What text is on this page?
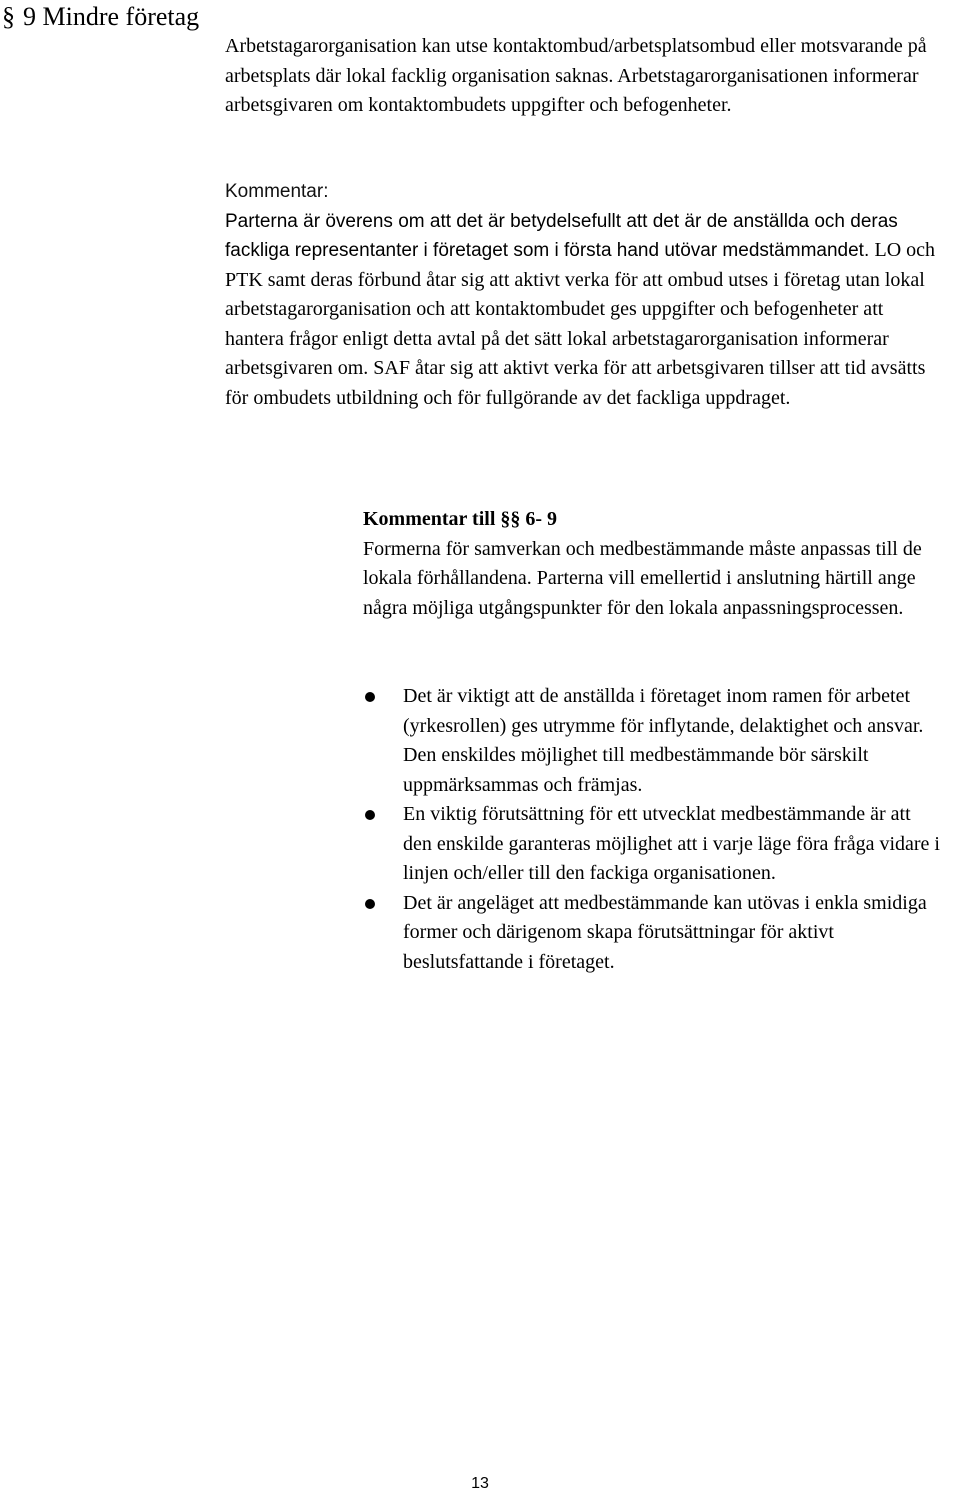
§ 9 Mindre företag

Arbetstagarorganisation kan utse kontaktombud/arbetsplatsombud eller motsvarande på arbetsplats där lokal facklig organisation saknas. Arbetstagarorganisationen informerar arbetsgivaren om kontaktombudets uppgifter och befogenheter.

Kommentar:

Parterna är överens om att det är betydelsefullt att det är de anställda och deras fackliga representanter i företaget som i första hand utövar medstämmandet. LO och PTK samt deras förbund åtar sig att aktivt verka för att ombud utses i företag utan lokal arbetstagarorganisation och att kontaktombudet ges uppgifter och befogenheter att hantera frågor enligt detta avtal på det sätt lokal arbetstagarorganisation informerar arbetsgivaren om. SAF åtar sig att aktivt verka för att arbetsgivaren tillser att tid avsätts för ombudets utbildning och för fullgörande av det fackliga uppdraget.

Kommentar till §§ 6- 9

Formerna för samverkan och medbestämmande måste anpassas till de lokala förhållandena. Parterna vill emellertid i anslutning härtill ange några möjliga utgångspunkter för den lokala anpassningsprocessen.

Det är viktigt att de anställda i företaget inom ramen för arbetet (yrkesrollen) ges utrymme för inflytande, delaktighet och ansvar. Den enskildes möjlighet till medbestämmande bör särskilt uppmärksammas och främjas.
En viktig förutsättning för ett utvecklat medbestämmande är att den enskilde garanteras möjlighet att i varje läge föra fråga vidare i linjen och/eller till den fackiga organisationen.
Det är angeläget att medbestämmande kan utövas i enkla smidiga former och därigenom skapa förutsättningar för aktivt beslutsfattande i företaget.
13
